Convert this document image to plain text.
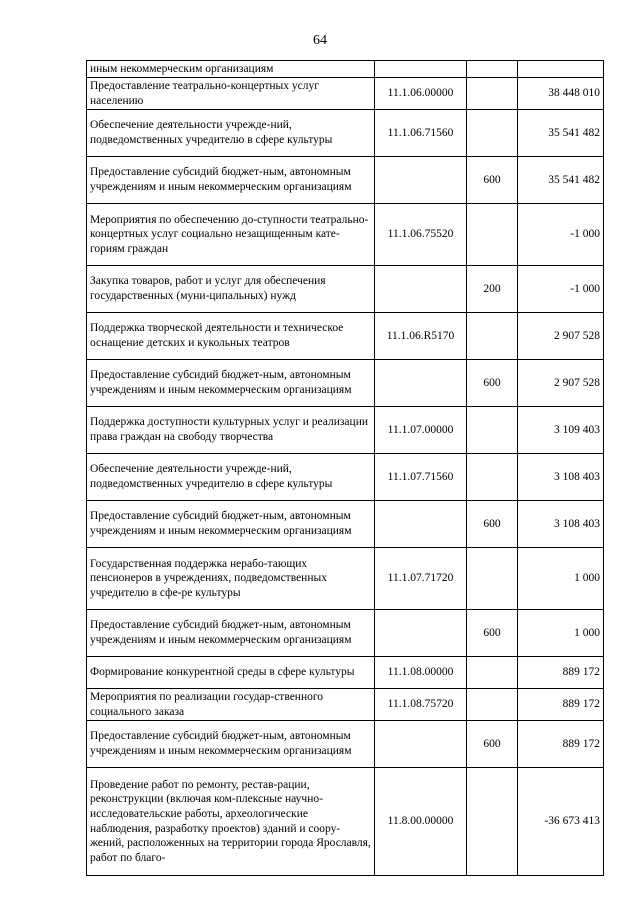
64
иным некоммерческим организациям			
Предоставление театрально-концертных услуг населению	11.1.06.00000		38 448 010
Обеспечение деятельности учрежде-ний, подведомственных учредителю в сфере культуры	11.1.06.71560		35 541 482
Предоставление субсидий бюджет-ным, автономным учреждениям и иным некоммерческим организациям		600	35 541 482
Мероприятия по обеспечению до-ступности театрально-концертных услуг социально незащищенным кате-гориям граждан	11.1.06.75520		-1 000
Закупка товаров, работ и услуг для обеспечения государственных (муни-ципальных) нужд		200	-1 000
Поддержка творческой деятельности и техническое оснащение детских и кукольных театров	11.1.06.R5170		2 907 528
Предоставление субсидий бюджет-ным, автономным учреждениям и иным некоммерческим организациям		600	2 907 528
Поддержка доступности культурных услуг и реализации права граждан на свободу творчества	11.1.07.00000		3 109 403
Обеспечение деятельности учрежде-ний, подведомственных учредителю в сфере культуры	11.1.07.71560		3 108 403
Предоставление субсидий бюджет-ным, автономным учреждениям и иным некоммерческим организациям		600	3 108 403
Государственная поддержка нерабо-тающих пенсионеров в учреждениях, подведомственных учредителю в сфе-ре культуры	11.1.07.71720		1 000
Предоставление субсидий бюджет-ным, автономным учреждениям и иным некоммерческим организациям		600	1 000
Формирование конкурентной среды в сфере культуры	11.1.08.00000		889 172
Мероприятия по реализации государ-ственного социального заказа	11.1.08.75720		889 172
Предоставление субсидий бюджет-ным, автономным учреждениям и иным некоммерческим организациям		600	889 172
Проведение работ по ремонту, рестав-рации, реконструкции (включая ком-плексные научно-исследовательские работы, археологические наблюдения, разработку проектов) зданий и соору-жений, расположенных на территории города Ярославля, работ по благо-	11.8.00.00000		-36 673 413
